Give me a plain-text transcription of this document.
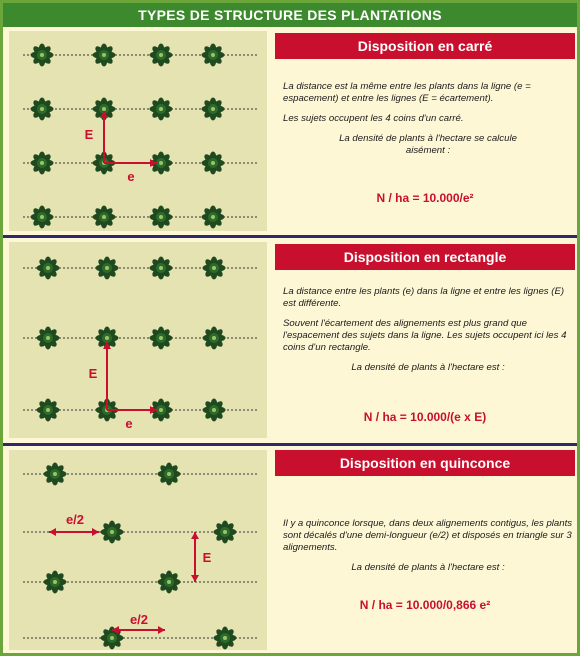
TYPES DE STRUCTURE DES PLANTATIONS
E
e
Disposition en carré

La distance est la même entre les plants dans la ligne (e = espacement) et entre les lignes (E = écartement).

Les sujets occupent les 4 coins d'un carré.

La densité de plants à l'hectare se calcule aisément :

N / ha = 10.000/e²
E
e
Disposition en rectangle

La distance entre les plants (e) dans la ligne et entre les lignes (E) est différente.

Souvent l'écartement des alignements est plus grand que l'espacement des sujets dans la ligne. Les sujets occupent ici les 4 coins d'un rectangle.

La densité de plants à l'hectare est :

N / ha = 10.000/(e x E)
e/2
E
e/2
Disposition en quinconce

Il y a quinconce lorsque, dans deux alignements contigus, les plants sont décalés d'une demi-longueur (e/2) et disposés en triangle sur 3 alignements.

La densité de plants à l'hectare est :

N / ha = 10.000/0,866 e²
